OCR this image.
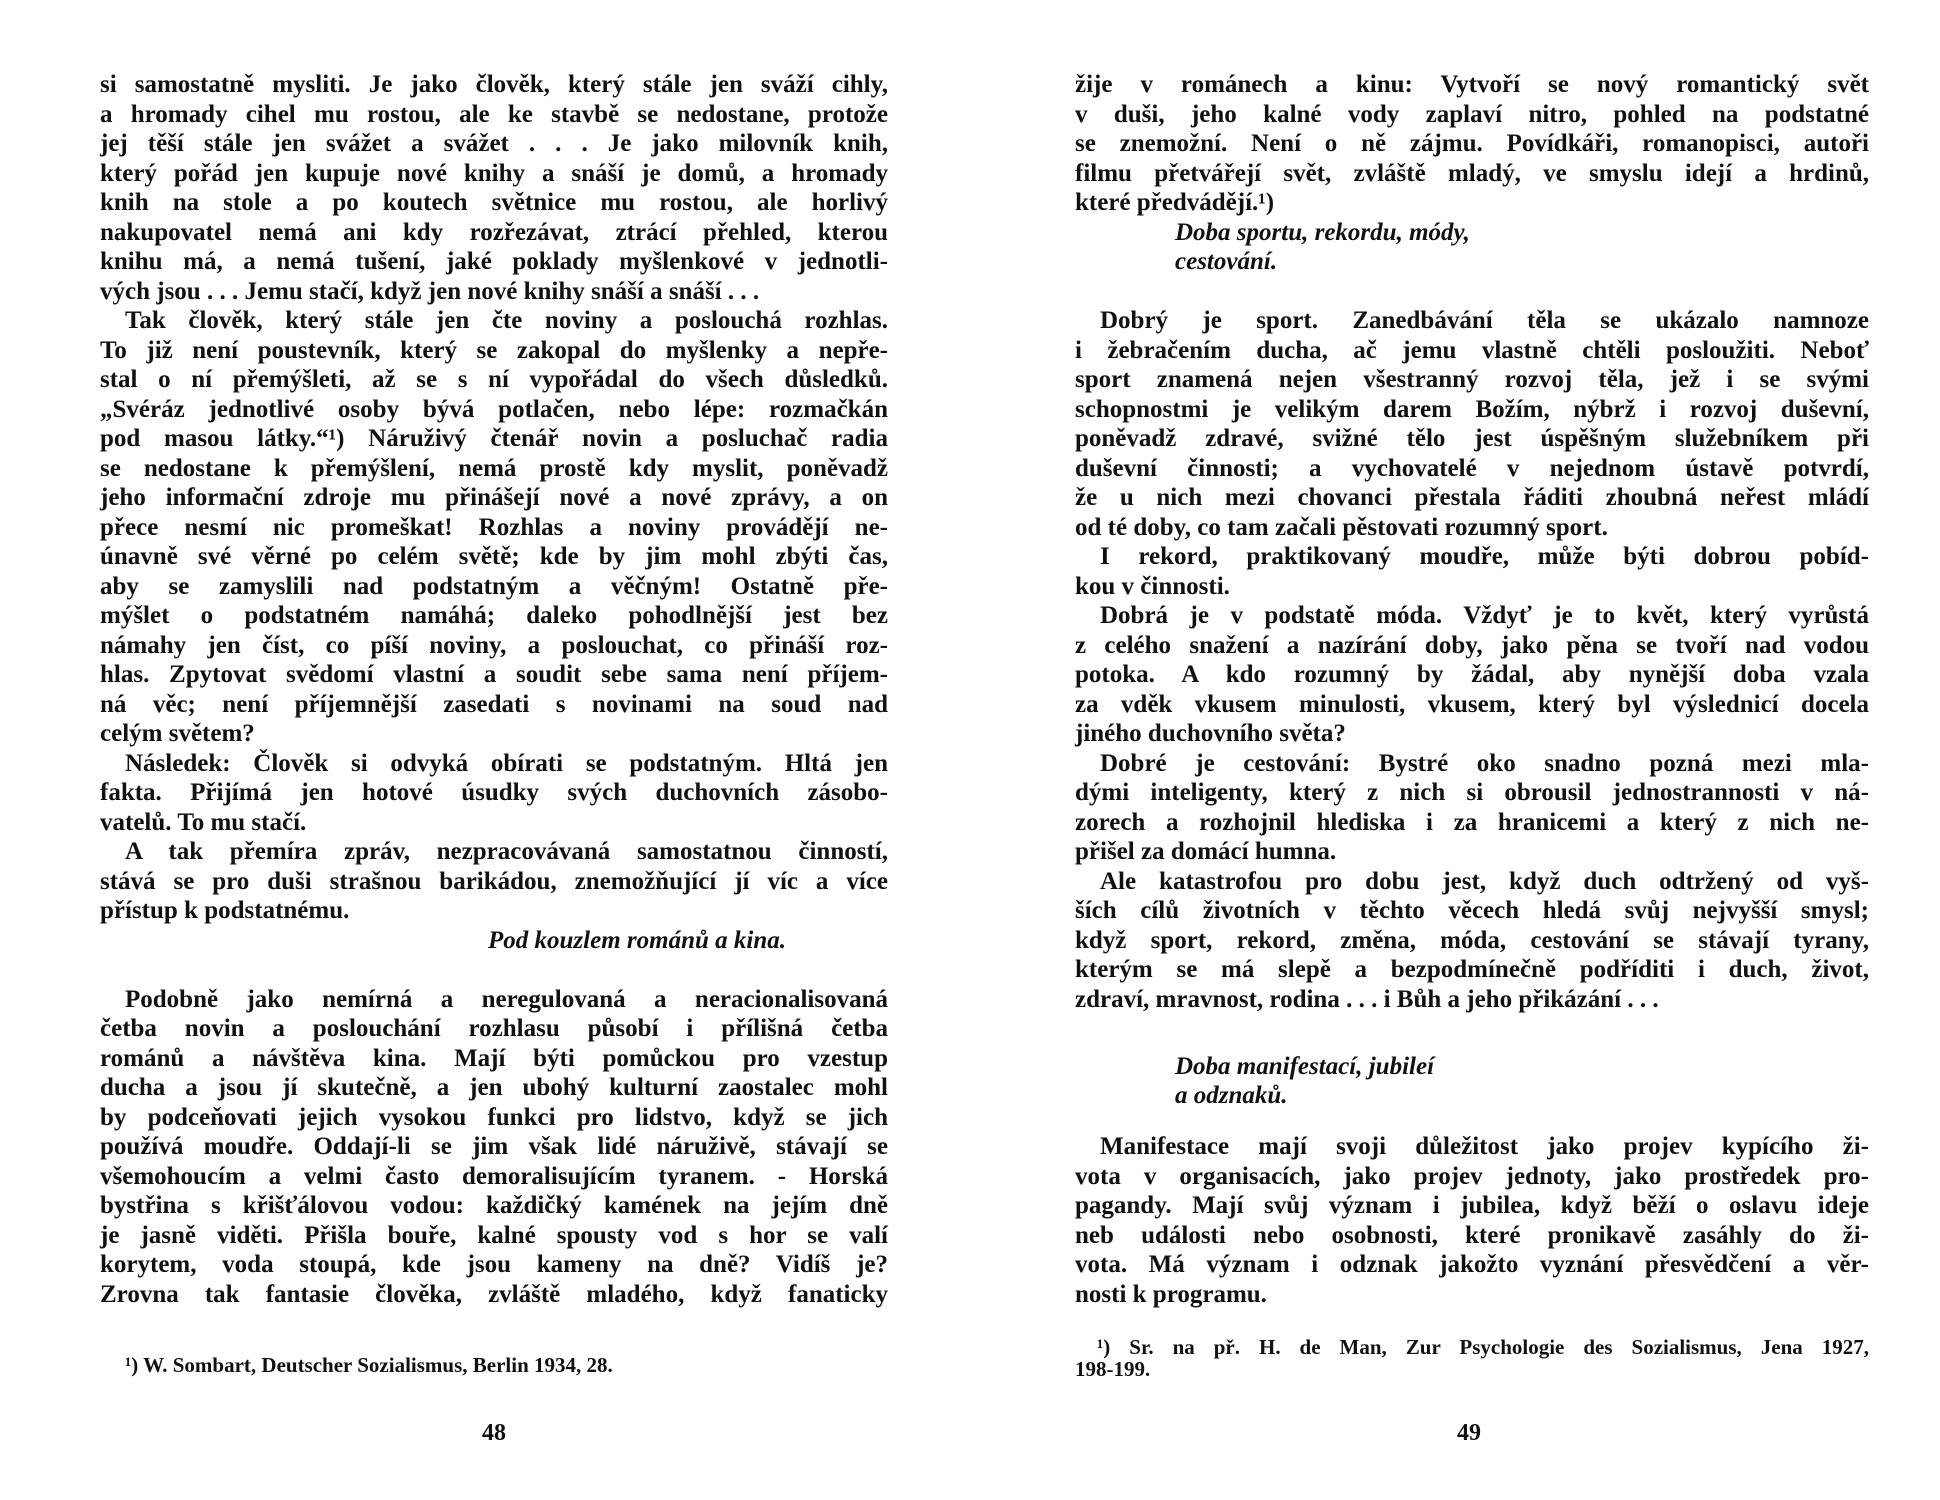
si samostatně mysliti. Je jako člověk, který stále jen sváží cihly,
a hromady cihel mu rostou, ale ke stavbě se nedostane, protože
jej těší stále jen svážet a svážet . . . Je jako milovník knih,
který pořád jen kupuje nové knihy a snáší je domů, a hromady
knih na stole a po koutech světnice mu rostou, ale horlivý
nakupovatel nemá ani kdy rozřezávat, ztrácí přehled, kterou
knihu má, a nemá tušení, jaké poklady myšlenkové v jednotli-
vých jsou . . . Jemu stačí, když jen nové knihy snáší a snáší . . .
Tak člověk, který stále jen čte noviny a poslouchá rozhlas.
To již není poustevník, který se zakopal do myšlenky a nepře-
stal o ní přemýšleti, až se s ní vypořádal do všech důsledků.
„Svéráz jednotlivé osoby bývá potlačen, nebo lépe: rozmačkán
pod masou látky.“¹) Náruživý čtenář novin a posluchač radia
se nedostane k přemýšlení, nemá prostě kdy myslit, poněvadž
jeho informační zdroje mu přinášejí nové a nové zprávy, a on
přece nesmí nic promeškat! Rozhlas a noviny provádějí ne-
únavně své věrné po celém světě; kde by jim mohl zbýti čas,
aby se zamyslili nad podstatným a věčným! Ostatně pře-
mýšlet o podstatném namáhá; daleko pohodlnější jest bez
námahy jen číst, co píší noviny, a poslouchat, co přináší roz-
hlas. Zpytovat svědomí vlastní a soudit sebe sama není příjem-
ná věc; není příjemnější zasedati s novinami na soud nad
celým světem?
Následek: Člověk si odvyká obírati se podstatným. Hltá jen
fakta. Přijímá jen hotové úsudky svých duchovních zásobo-
vatelů. To mu stačí.
A tak přemíra zpráv, nezpracovávaná samostatnou činností,
stává se pro duši strašnou barikádou, znemožňující jí víc a více
přístup k podstatnému.
Pod kouzlem románů a kina.
Podobně jako nemírná a neregulovaná a neracionalisovaná
četba novin a poslouchání rozhlasu působí i přílišná četba
románů a návštěva kina. Mají býti pomůckou pro vzestup
ducha a jsou jí skutečně, a jen ubohý kulturní zaostalec mohl
by podceňovati jejich vysokou funkci pro lidstvo, když se jich
používá moudře. Oddají-li se jim však lidé náruživě, stávají se
všemohoucím a velmi často demoralisujícím tyranem. - Horská
bystřina s křišťálovou vodou: každičký kamének na jejím dně
je jasně viděti. Přišla bouře, kalné spousty vod s hor se valí
korytem, voda stoupá, kde jsou kameny na dně? Vidíš je?
Zrovna tak fantasie člověka, zvláště mladého, když fanaticky
žije v románech a kinu: Vytvoří se nový romantický svět
v duši, jeho kalné vody zaplaví nitro, pohled na podstatné
se znemožní. Není o ně zájmu. Povídkáři, romanopisci, autoři
filmu přetvářejí svět, zvláště mladý, ve smyslu idejí a hrdinů,
které předvádějí.¹)
Doba sportu, rekordu, módy,
cestování.
Dobrý je sport. Zanedbávání těla se ukázalo namnoze
i žebračením ducha, ač jemu vlastně chtěli posloužiti. Neboť
sport znamená nejen všestranný rozvoj těla, jež i se svými
schopnostmi je velikým darem Božím, nýbrž i rozvoj duševní,
poněvadž zdravé, svižné tělo jest úspěšným služebníkem při
duševní činnosti; a vychovatelé v nejednom ústavě potvrdí,
že u nich mezi chovanci přestala řáditi zhoubná neřest mládí
od té doby, co tam začali pěstovati rozumný sport.
I rekord, praktikovaný moudře, může býti dobrou pobíd-
kou v činnosti.
Dobrá je v podstatě móda. Vždyť je to květ, který vyrůstá
z celého snažení a nazírání doby, jako pěna se tvoří nad vodou
potoka. A kdo rozumný by žádal, aby nynější doba vzala
za vděk vkusem minulosti, vkusem, který byl výslednicí docela
jiného duchovního světa?
Dobré je cestování: Bystré oko snadno pozná mezi mla-
dými inteligenty, který z nich si obrousil jednostrannosti v ná-
zorech a rozhojnil hlediska i za hranicemi a který z nich ne-
přišel za domácí humna.
Ale katastrofou pro dobu jest, když duch odtržený od vyš-
ších cílů životních v těchto věcech hledá svůj nejvyšší smysl;
když sport, rekord, změna, móda, cestování se stávají tyrany,
kterým se má slepě a bezpodmínečně podříditi i duch, život,
zdraví, mravnost, rodina . . . i Bůh a jeho přikázání . . .
Doba manifestací, jubileí
a odznaků.
Manifestace mají svoji důležitost jako projev kypícího ži-
vota v organisacích, jako projev jednoty, jako prostředek pro-
pagandy. Mají svůj význam i jubilea, když běží o oslavu ideje
neb události nebo osobnosti, které pronikavě zasáhly do ži-
vota. Má význam i odznak jakožto vyznání přesvědčení a věr-
nosti k programu.
¹) W. Sombart, Deutscher Sozialismus, Berlin 1934, 28.
¹) Sr. na př. H. de Man, Zur Psychologie des Sozialismus, Jena 1927,
198-199.
48	49
